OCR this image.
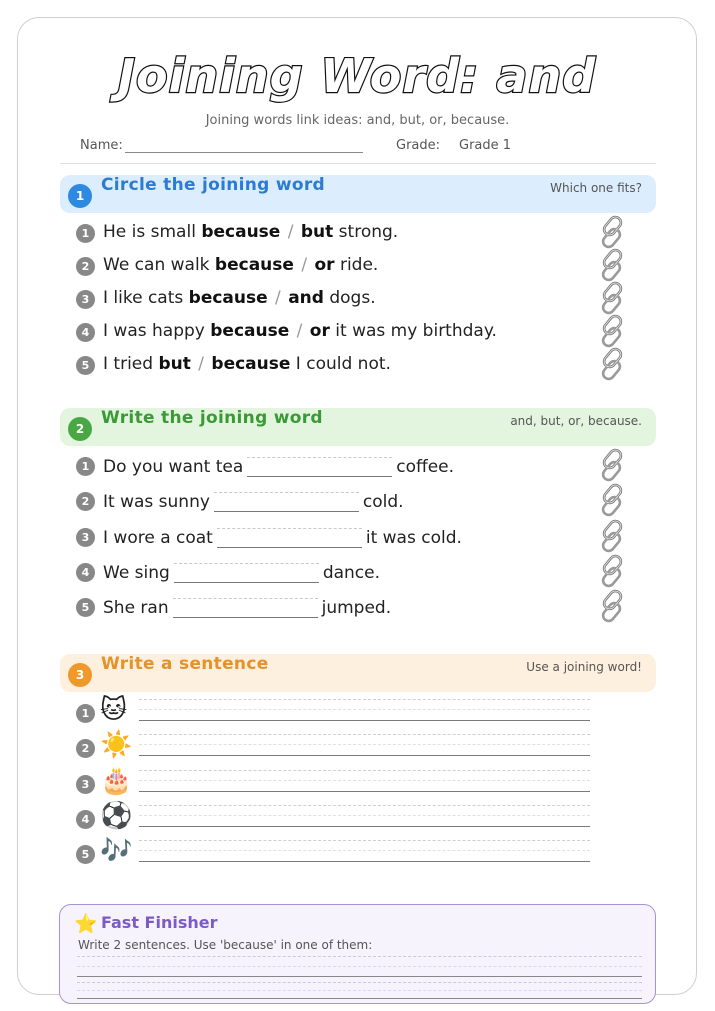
Joining Word: and
Joining words link ideas: and, but, or, because.
Name:	Grade: Grade 1
1
Circle the joining word	Which one fits?
1 He is small because / but strong.
2 We can walk because / or ride.
3 I like cats because / and dogs.
4 I was happy because / or it was my birthday.
5 I tried but / because I could not.
2
Write the joining word	and, but, or, because.
1 Do you want tea	coffee.
2 It was sunny	cold.
3 I wore a coat	it was cold.
4 We sing	dance.
5 She ran	jumped.
3
Write a sentence	Use a joining word!
1 🐱
2 ☀️
3 🎂
4 ⚽
5 🎶
⭐ Fast Finisher
Write 2 sentences. Use 'because' in one of them:
